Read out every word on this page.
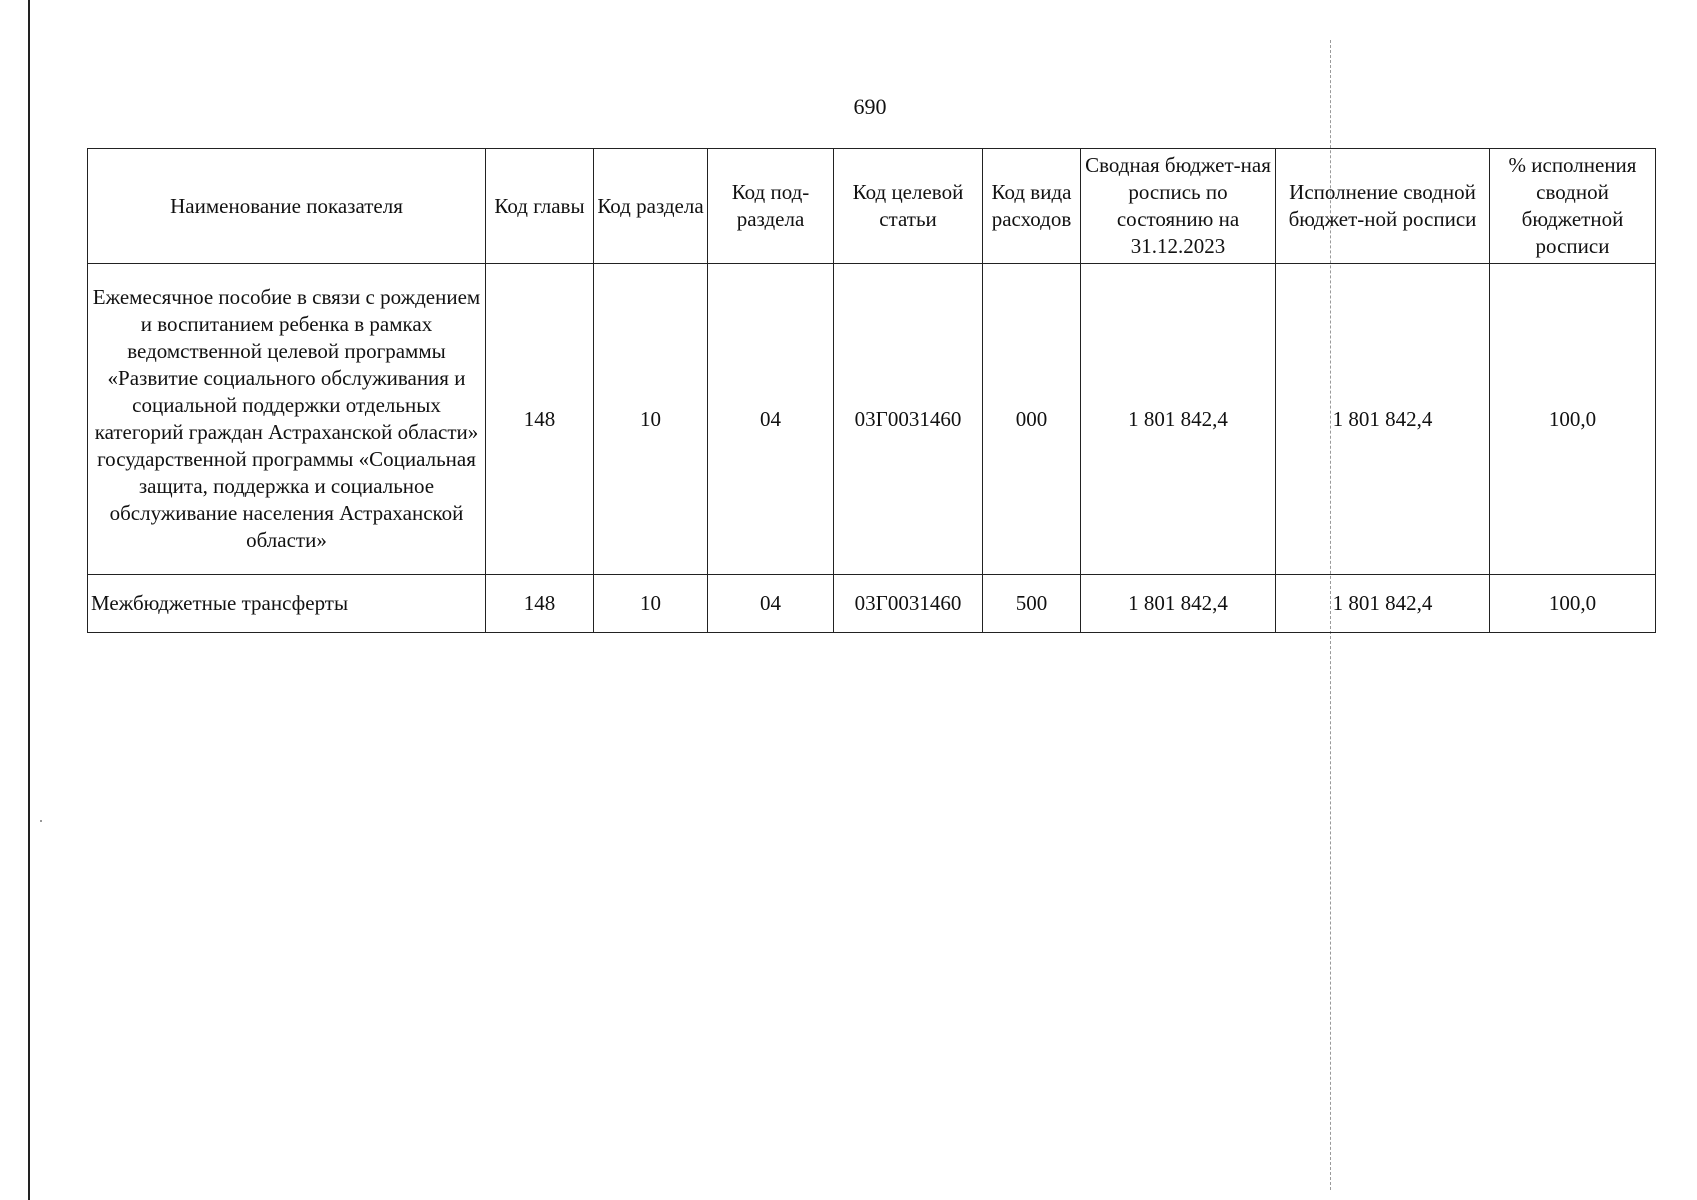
690
Наименование показателя	Код главы	Код раздела	Код под-раздела	Код целевой статьи	Код вида расходов	Сводная бюджет-ная роспись по состоянию на 31.12.2023	Исполнение сводной бюджет-ной росписи	% исполнения сводной бюджетной росписи
Ежемесячное пособие в связи с рождением и воспитанием ребенка в рамках ведомственной целевой программы «Развитие социального обслуживания и социальной поддержки отдельных категорий граждан Астраханской области» государственной программы «Социальная защита, поддержка и социальное обслуживание населения Астраханской области»	148	10	04	03Г0031460	000	1 801 842,4	1 801 842,4	100,0
Межбюджетные трансферты	148	10	04	03Г0031460	500	1 801 842,4	1 801 842,4	100,0
